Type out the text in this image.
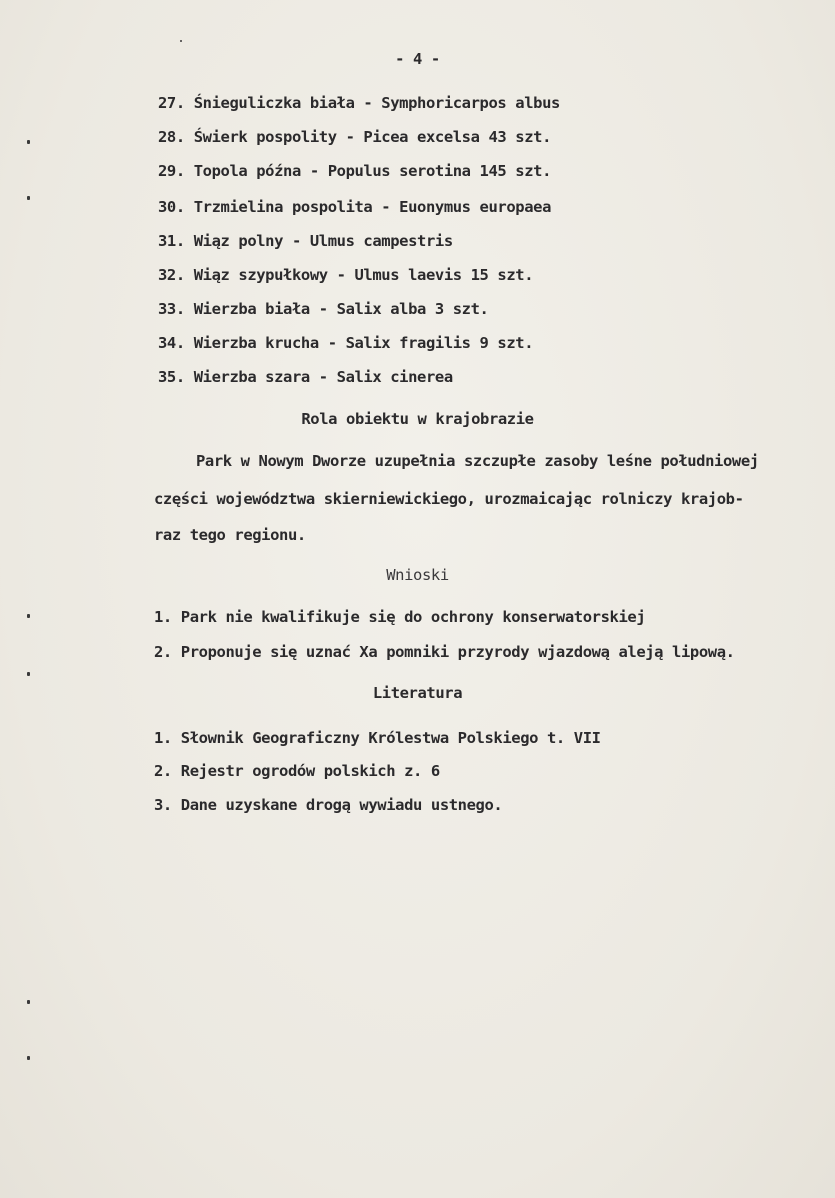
- 4 -
27. Śnieguliczka biała - Symphoricarpos albus
28. Świerk pospolity - Picea excelsa 43 szt.
29. Topola późna - Populus serotina 145 szt.
30. Trzmielina pospolita - Euonymus europaea
31. Wiąz polny - Ulmus campestris
32. Wiąz szypułkowy - Ulmus laevis 15 szt.
33. Wierzba biała - Salix alba 3 szt.
34. Wierzba krucha - Salix fragilis 9 szt.
35. Wierzba szara - Salix cinerea
Rola obiektu w krajobrazie
Park w Nowym Dworze uzupełnia szczupłe zasoby leśne południowej
części województwa skierniewickiego, urozmaicając rolniczy krajob-
raz tego regionu.
Wnioski
1. Park nie kwalifikuje się do ochrony konserwatorskiej
2. Proponuje się uznać Xa pomniki przyrody wjazdową aleją lipową.
Literatura
1. Słownik Geograficzny Królestwa Polskiego t. VII
2. Rejestr ogrodów polskich z. 6
3. Dane uzyskane drogą wywiadu ustnego.
